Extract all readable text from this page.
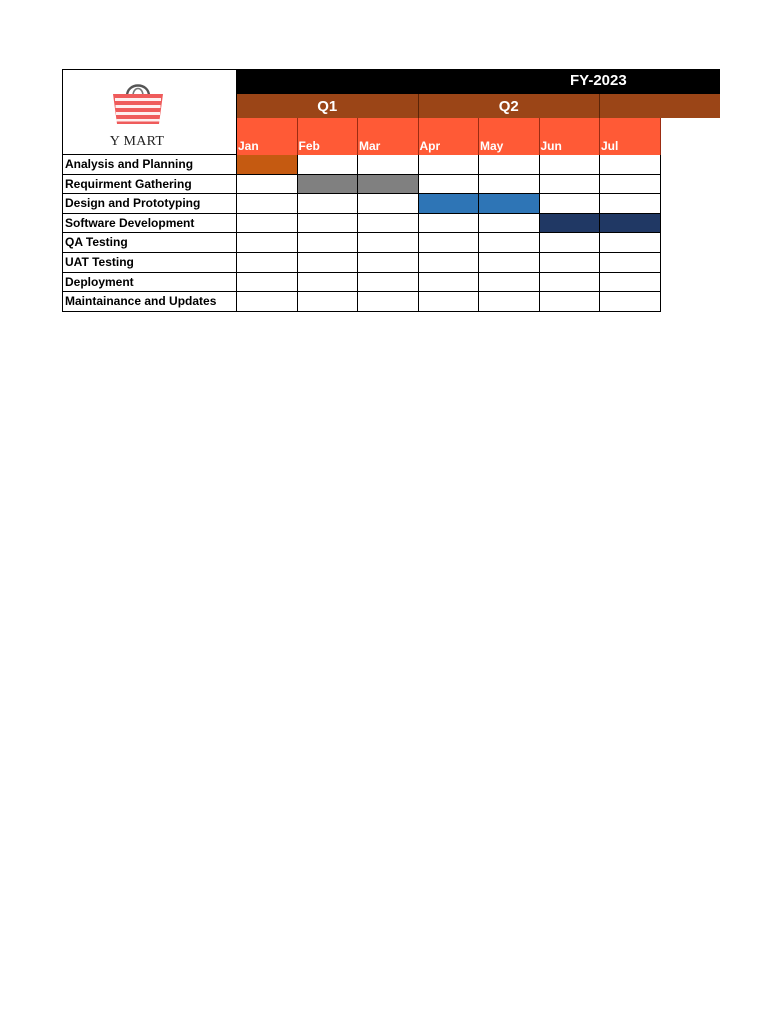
Y MART
FY-2023
Q1	Q2
Jan	Feb	Mar	Apr	May	Jun	Jul
Analysis and Planning
Requirment Gathering
Design and Prototyping
Software Development
QA Testing
UAT Testing
Deployment
Maintainance and Updates
